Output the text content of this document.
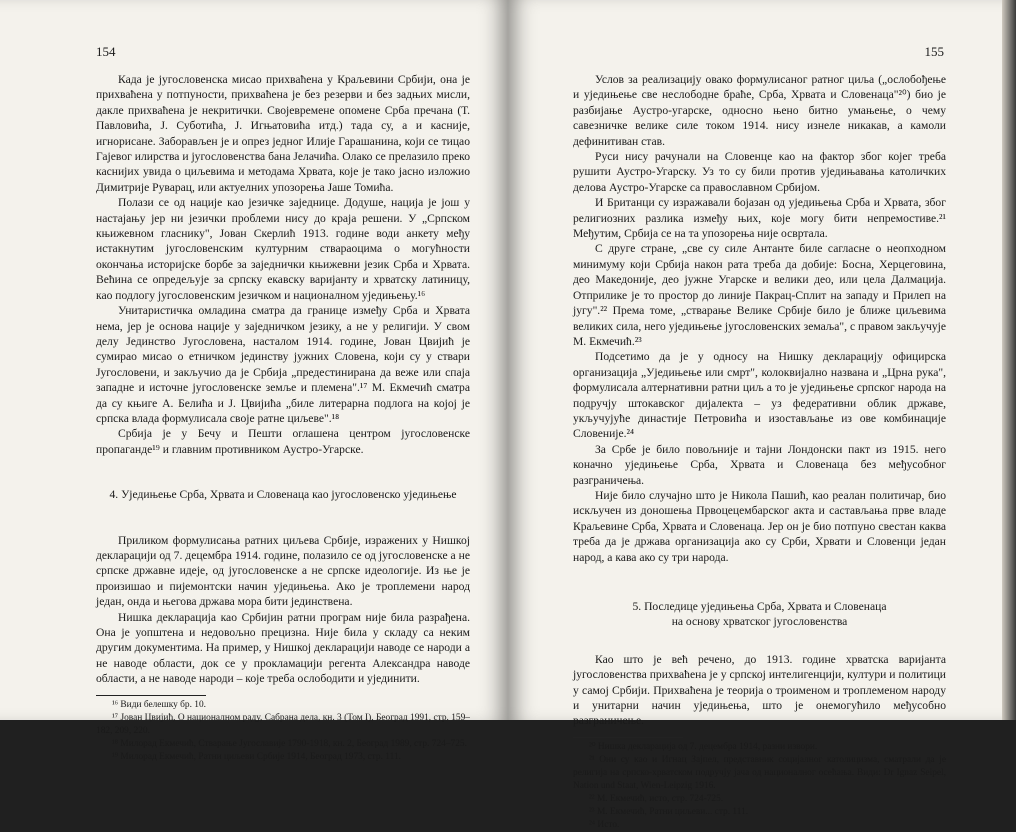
154

Када је југословенска мисао прихваћена у Краљевини Србији, она је прихваћена у потпуности, прихваћена је без резерви и без задњих мисли, дакле прихваћена је некритички. Својевремене опомене Срба пречана (Т. Павловића, Ј. Суботића, Ј. Игњатовића итд.) тада су, а и касније, игнорисане. Заборављен је и опрез једног Илије Гарашанина, који се тицао Гајевог илирства и југословенства бана Јелачића. Олако се прелазило преко каснијих увида о циљевима и методама Хрвата, које је тако јасно изложио Димитрије Руварац, или актуелних упозорења Јаше Томића.

Полази се од нације као језичке заједнице. Додуше, нација је још у настајању јер ни језички проблеми нису до краја решени. У „Српском књижевном гласнику", Јован Скерлић 1913. године води анкету међу истакнутим југословенским културним ствараоцима о могућности окончања историјске борбе за заједнички књижевни језик Срба и Хрвата. Већина се опредељује за српску екавску варијанту и хрватску латиницу, као подлогу југословенским језичком и националном уједињењу.¹⁶

Унитаристичка омладина сматра да границе између Срба и Хрвата нема, јер је основа нације у заједничком језику, а не у религији. У свом делу Јединство Југословена, насталом 1914. године, Јован Цвијић је сумирао мисао о етничком јединству јужних Словена, који су у ствари Југословени, и закључио да је Србија „предестинирана да веже или спаја западне и источне југословенске земље и племена".¹⁷ М. Екмечић сматра да су књиге А. Белића и Ј. Цвијића „биле литерарна подлога на којој је српска влада формулисала своје ратне циљеве".¹⁸

Србија је у Бечу и Пешти оглашена центром југословенске пропаганде¹⁹ и главним противником Аустро-Угарске.

4. Уједињење Срба, Хрвата и Словенаца као југословенско уједињење

Приликом формулисања ратних циљева Србије, изражених у Нишкој декларацији од 7. децембра 1914. године, полазило се од југословенске а не српске државне идеје, од југословенске а не српске идеологије. Из ње је произишао и пијемонтски начин уједињења. Ако је троплемени народ један, онда и његова држава мора бити јединствена.

Нишка декларација као Србијин ратни програм није била разрађена. Она је уопштена и недовољно прецизна. Није била у складу са неким другим документима. На пример, у Нишкој декларацији наводе се народи а не наводе области, док се у прокламацији регента Александра наводе области, а не наводе народи – које треба ослободити и ујединити.

¹⁶ Види белешку бр. 10.

¹⁷ Јован Цвијић, О националном раду, Сабрана дела, кн. 3 (Том I), Београд 1991, стр. 159–182, 209, 220.

¹⁸ Милорад Екмечић, Стварање Југославије 1790-1918, кн. 2, Београд 1989, стр. 724–725.

¹⁹ Милорад Екмечић, Ратни циљеви Србије 1914, Београд 1973, стр. 111.

155

Услов за реализацију овако формулисаног ратног циља („ослобођење и уједињење све неслободне браће, Срба, Хрвата и Словенаца"²⁰) био је разбијање Аустро-угарске, односно њено битно умањење, о чему савезничке велике силе током 1914. нису изнеле никакав, а камоли дефинитиван став.

Руси нису рачунали на Словенце као на фактор због којег треба рушити Аустро-Угарску. Уз то су били против уједињавања католичких делова Аустро-Угарске са православном Србијом.

И Британци су изражавали бојазан од уједињења Срба и Хрвата, због религиозних разлика између њих, које могу бити непремостиве.²¹ Међутим, Србија се на та упозорења није освртала.

С друге стране, „све су силе Антанте биле сагласне о неопходном минимуму који Србија након рата треба да добије: Босна, Херцеговина, део Македоније, део јужне Угарске и велики део, или цела Далмација. Отприлике је то простор до линије Пакрац-Сплит на западу и Прилеп на југу".²² Према томе, „стварање Велике Србије било је ближе циљевима великих сила, него уједињење југословенских земаља", с правом закључује М. Екмечић.²³

Подсетимо да је у односу на Нишку декларацију официрска организација „Уједињење или смрт", колоквијално названа и „Црна рука", формулисала алтернативни ратни циљ а то је уједињење српског народа на подручју штокавског дијалекта – уз федеративни облик државе, укључујуће династије Петровића и изостављање из ове комбинације Словеније.²⁴

За Србе је било повољније и тајни Лондонски пакт из 1915. него коначно уједињење Срба, Хрвата и Словенаца без међусобног разграничења.

Није било случајно што је Никола Пашић, као реалан политичар, био искључен из доношења Првоцецембарског акта и састављања прве владе Краљевине Срба, Хрвата и Словенаца. Јер он је био потпуно свестан каква треба да је држава организација ако су Срби, Хрвати и Словенци један народ, а кава ако су три народа.

5. Последице уједињења Срба, Хрвата и Словенаца
на основу хрватског југословенства

Као што је већ речено, до 1913. године хрватска варијанта југословенства прихваћена је у српској интелигенцији, култури и политици у самој Србији. Прихваћена је теорија о троименом и троплеменом народу и унитарни начин уједињења, што је онемогућило међусобно разграничење.

²⁰ Нишка декларација од 7. децембра 1914, разни извори.

²¹ Они су као и Игнац Зајпел, представник социјалног католицизма, сматрали да је религија на српско-хрватском подручју јача од националног осећања. Види: Dr Ignaz Seipel, Nation und Staat, Wien-Leipzig 1916.

²² М. Екмечић, исто, стр. 724-725.

²³ М. Екмечић, Ратни циљеви... стр. 111.

²⁴ Исто.
